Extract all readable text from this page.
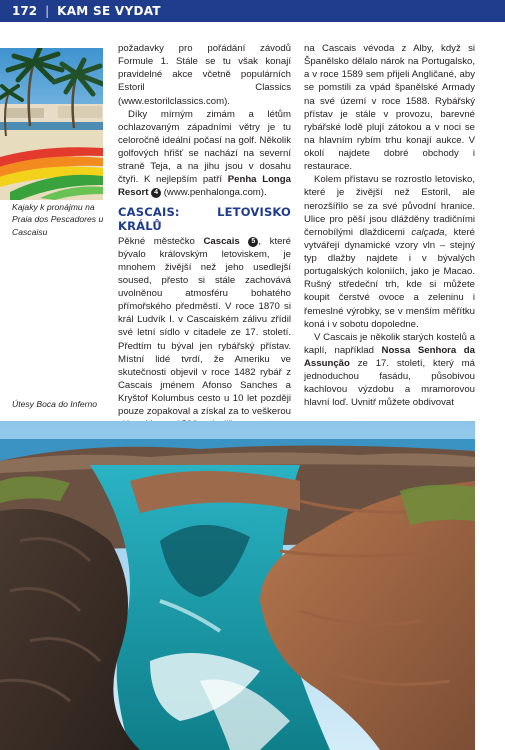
172 | KAM SE VYDAT
Kajaky k pronájmu na Praia dos Pescadores u Cascaisu
Útesy Boca do Inferno

požadavky pro pořádání závodů Formule 1. Stále se tu však konají pravidelné akce včetně populárních Estoril Classics (www.estorilclassics.com).

Díky mírným zimám a létům ochlazovaným západními větry je tu celoročně ideální počasí na golf. Několik golfových hřišť se nachází na severní straně Teja, a na jihu jsou v dosahu čtyři. K nejlepším patří Penha Longa Resort 4 (www.penhalonga.com).

CASCAIS: LETOVISKO KRÁLŮ

Pěkné městečko Cascais 5 , které bývalo královským letoviskem, je mnohem živější než jeho usedlejší soused, přesto si stále zachovává uvolněnou atmosféru bohatého přímořského předměstí. V roce 1870 si král Ludvík I. v Cascaiském zálivu zřídil své letní sídlo v citadele ze 17. století. Předtím tu býval jen rybářský přístav. Místní lidé tvrdí, že Ameriku ve skutečnosti objevil v roce 1482 rybář z Cascais jménem Afonso Sanches a Kryštof Kolumbus cesto u 10 let později pouze zopakoval a získal za to veškerou

na Cascais vévoda z Alby, když si Španělsko dělalo nárok na Portugalsko, a v roce 1589 sem přijeli Angličané, aby se pomstili za vpád španělské Armady na své území v roce 1588. Rybářský přístav je stále v provozu, barevné rybářské lodě plují zátokou a v noci se na hlavním rybím trhu konají aukce. V okolí najdete dobré obchody i restaurace.

Kolem přístavu se rozrostlo letovisko, které je živější než Estoril, ale nerozšířilo se za své původní hranice. Ulice pro pěší jsou dlážděny tradičními černobílými dlaždicemi calçada, které vytvářejí dynamické vzory vln – stejný typ dlažby najdete i v bývalých portugalských koloniích, jako je Macao. Rušný středeční trh, kde si můžete koupit čerstvé ovoce a zeleninu i řemeslné výrobky, se v menším měřítku koná i v sobotu dopoledne.

V Cascais je několik starých kostelů a kaplí, například Nossa Senhora da Assunção ze 17. století, který má jednoduchou fasádu, působivou kachlovou výzdobu a mramorovou hlavní loď. Uvnitř můžete obdivovat
